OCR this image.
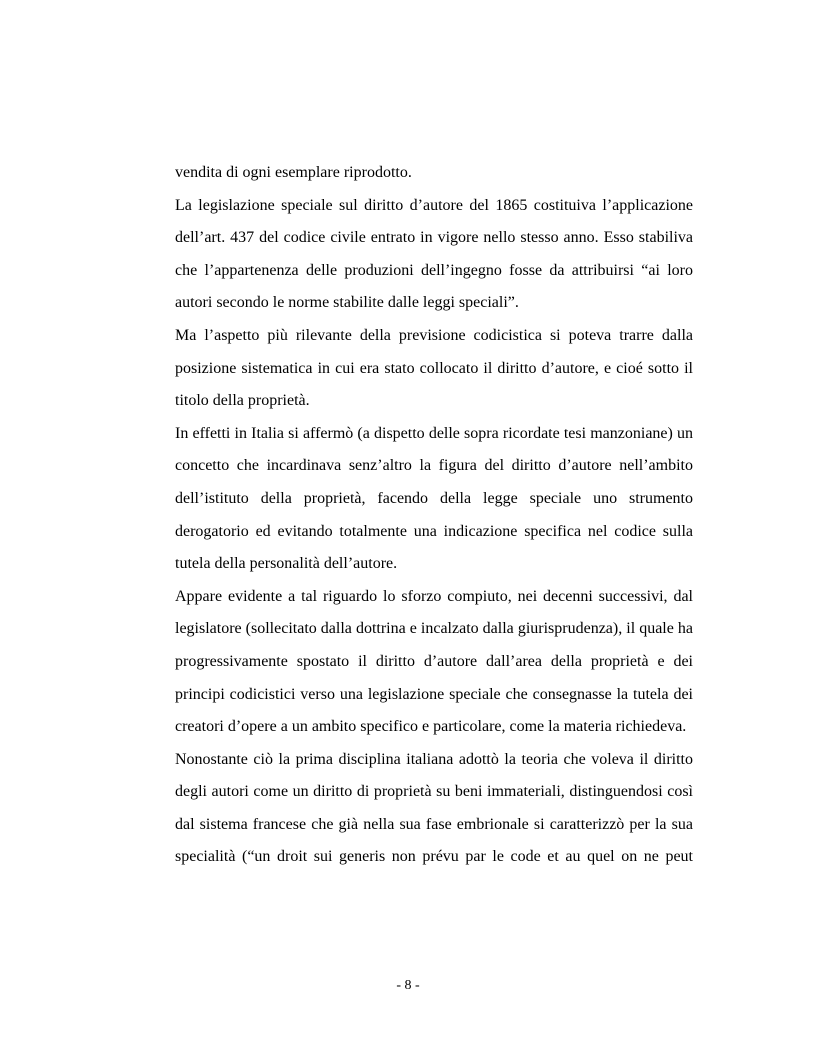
vendita di ogni esemplare riprodotto.
La legislazione speciale sul diritto d’autore del 1865 costituiva l’applicazione
dell’art. 437 del codice civile entrato in vigore nello stesso anno. Esso stabiliva
che l’appartenenza delle produzioni dell’ingegno fosse da attribuirsi “ai loro
autori secondo le norme stabilite dalle leggi speciali”.
Ma l’aspetto più rilevante della previsione codicistica si poteva trarre dalla
posizione sistematica in cui era stato collocato il diritto d’autore, e cioé sotto il
titolo della proprietà.
In effetti in Italia si affermò (a dispetto delle sopra ricordate tesi manzoniane) un
concetto che incardinava senz’altro la figura del diritto d’autore nell’ambito
dell’istituto della proprietà, facendo della legge speciale uno strumento
derogatorio ed evitando totalmente una indicazione specifica nel codice sulla
tutela della personalità dell’autore.
Appare evidente a tal riguardo lo sforzo compiuto, nei decenni successivi, dal
legislatore (sollecitato dalla dottrina e incalzato dalla giurisprudenza), il quale ha
progressivamente spostato il diritto d’autore dall’area della proprietà e dei
principi codicistici verso una legislazione speciale che consegnasse la tutela dei
creatori d’opere a un ambito specifico e particolare, come la materia richiedeva.
Nonostante ciò la prima disciplina italiana adottò la teoria che voleva il diritto
degli autori come un diritto di proprietà su beni immateriali, distinguendosi così
dal sistema francese che già nella sua fase embrionale si caratterizzò per la sua
specialità (“un droit sui generis non prévu par le code et au quel on ne peut
- 8 -
